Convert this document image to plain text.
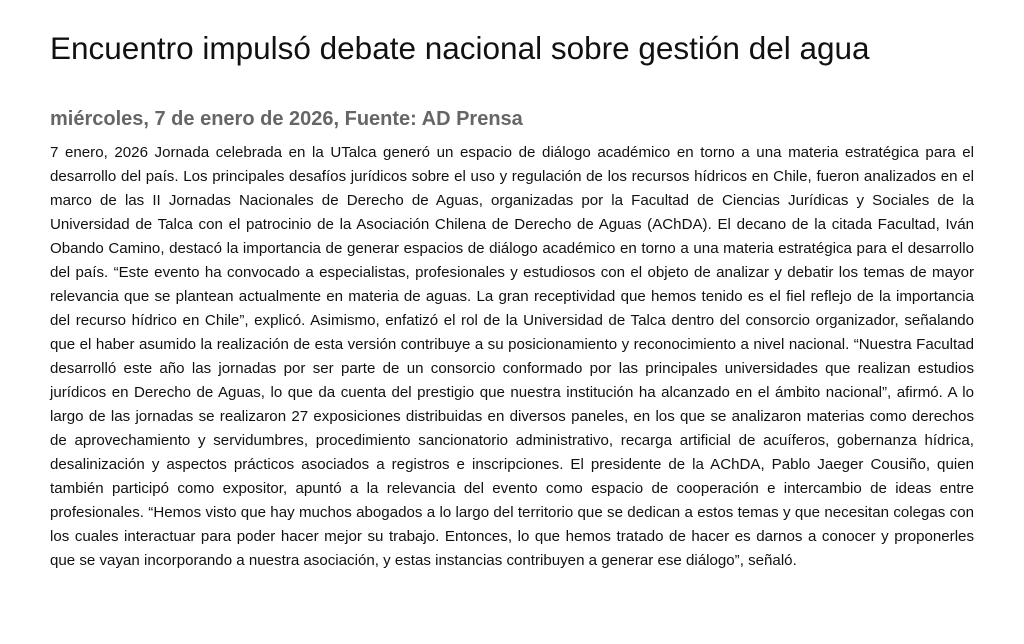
Encuentro impulsó debate nacional sobre gestión del agua

miércoles, 7 de enero de 2026, Fuente: AD Prensa

7 enero, 2026 Jornada celebrada en la UTalca generó un espacio de diálogo académico en torno a una materia estratégica para el desarrollo del país. Los principales desafíos jurídicos sobre el uso y regulación de los recursos hídricos en Chile, fueron analizados en el marco de las II Jornadas Nacionales de Derecho de Aguas, organizadas por la Facultad de Ciencias Jurídicas y Sociales de la Universidad de Talca con el patrocinio de la Asociación Chilena de Derecho de Aguas (AChDA). El decano de la citada Facultad, Iván Obando Camino, destacó la importancia de generar espacios de diálogo académico en torno a una materia estratégica para el desarrollo del país. “Este evento ha convocado a especialistas, profesionales y estudiosos con el objeto de analizar y debatir los temas de mayor relevancia que se plantean actualmente en materia de aguas. La gran receptividad que hemos tenido es el fiel reflejo de la importancia del recurso hídrico en Chile”, explicó. Asimismo, enfatizó el rol de la Universidad de Talca dentro del consorcio organizador, señalando que el haber asumido la realización de esta versión contribuye a su posicionamiento y reconocimiento a nivel nacional. “Nuestra Facultad desarrolló este año las jornadas por ser parte de un consorcio conformado por las principales universidades que realizan estudios jurídicos en Derecho de Aguas, lo que da cuenta del prestigio que nuestra institución ha alcanzado en el ámbito nacional”, afirmó. A lo largo de las jornadas se realizaron 27 exposiciones distribuidas en diversos paneles, en los que se analizaron materias como derechos de aprovechamiento y servidumbres, procedimiento sancionatorio administrativo, recarga artificial de acuíferos, gobernanza hídrica, desalinización y aspectos prácticos asociados a registros e inscripciones. El presidente de la AChDA, Pablo Jaeger Cousiño, quien también participó como expositor, apuntó a la relevancia del evento como espacio de cooperación e intercambio de ideas entre profesionales. “Hemos visto que hay muchos abogados a lo largo del territorio que se dedican a estos temas y que necesitan colegas con los cuales interactuar para poder hacer mejor su trabajo. Entonces, lo que hemos tratado de hacer es darnos a conocer y proponerles que se vayan incorporando a nuestra asociación, y estas instancias contribuyen a generar ese diálogo”, señaló.
